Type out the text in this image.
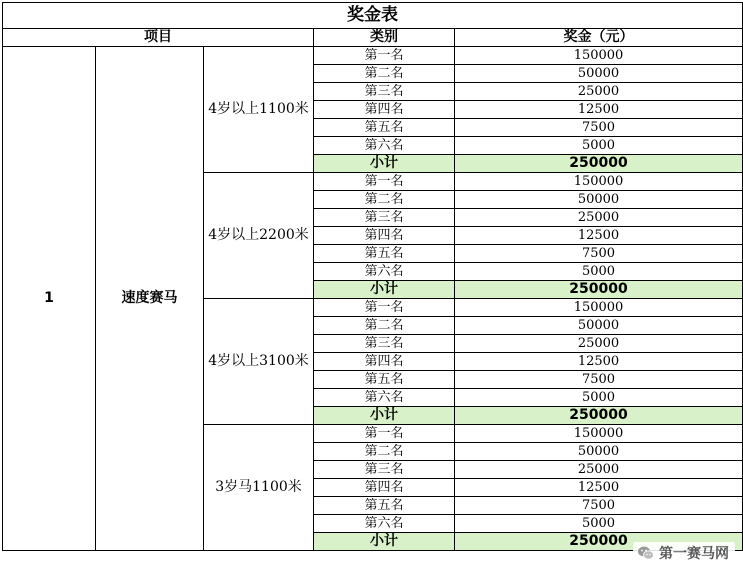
奖金表				
项目			类别	奖金（元）
1	速度赛马	4岁以上1100米	第一名	150000
			第二名	50000
			第三名	25000
			第四名	12500
			第五名	7500
			第六名	5000
			小计	250000
		4岁以上2200米	第一名	150000
			第二名	50000
			第三名	25000
			第四名	12500
			第五名	7500
			第六名	5000
			小计	250000
		4岁以上3100米	第一名	150000
			第二名	50000
			第三名	25000
			第四名	12500
			第五名	7500
			第六名	5000
			小计	250000
		3岁马1100米	第一名	150000
			第二名	50000
			第三名	25000
			第四名	12500
			第五名	7500
			第六名	5000
			小计	250000
第一赛马网
